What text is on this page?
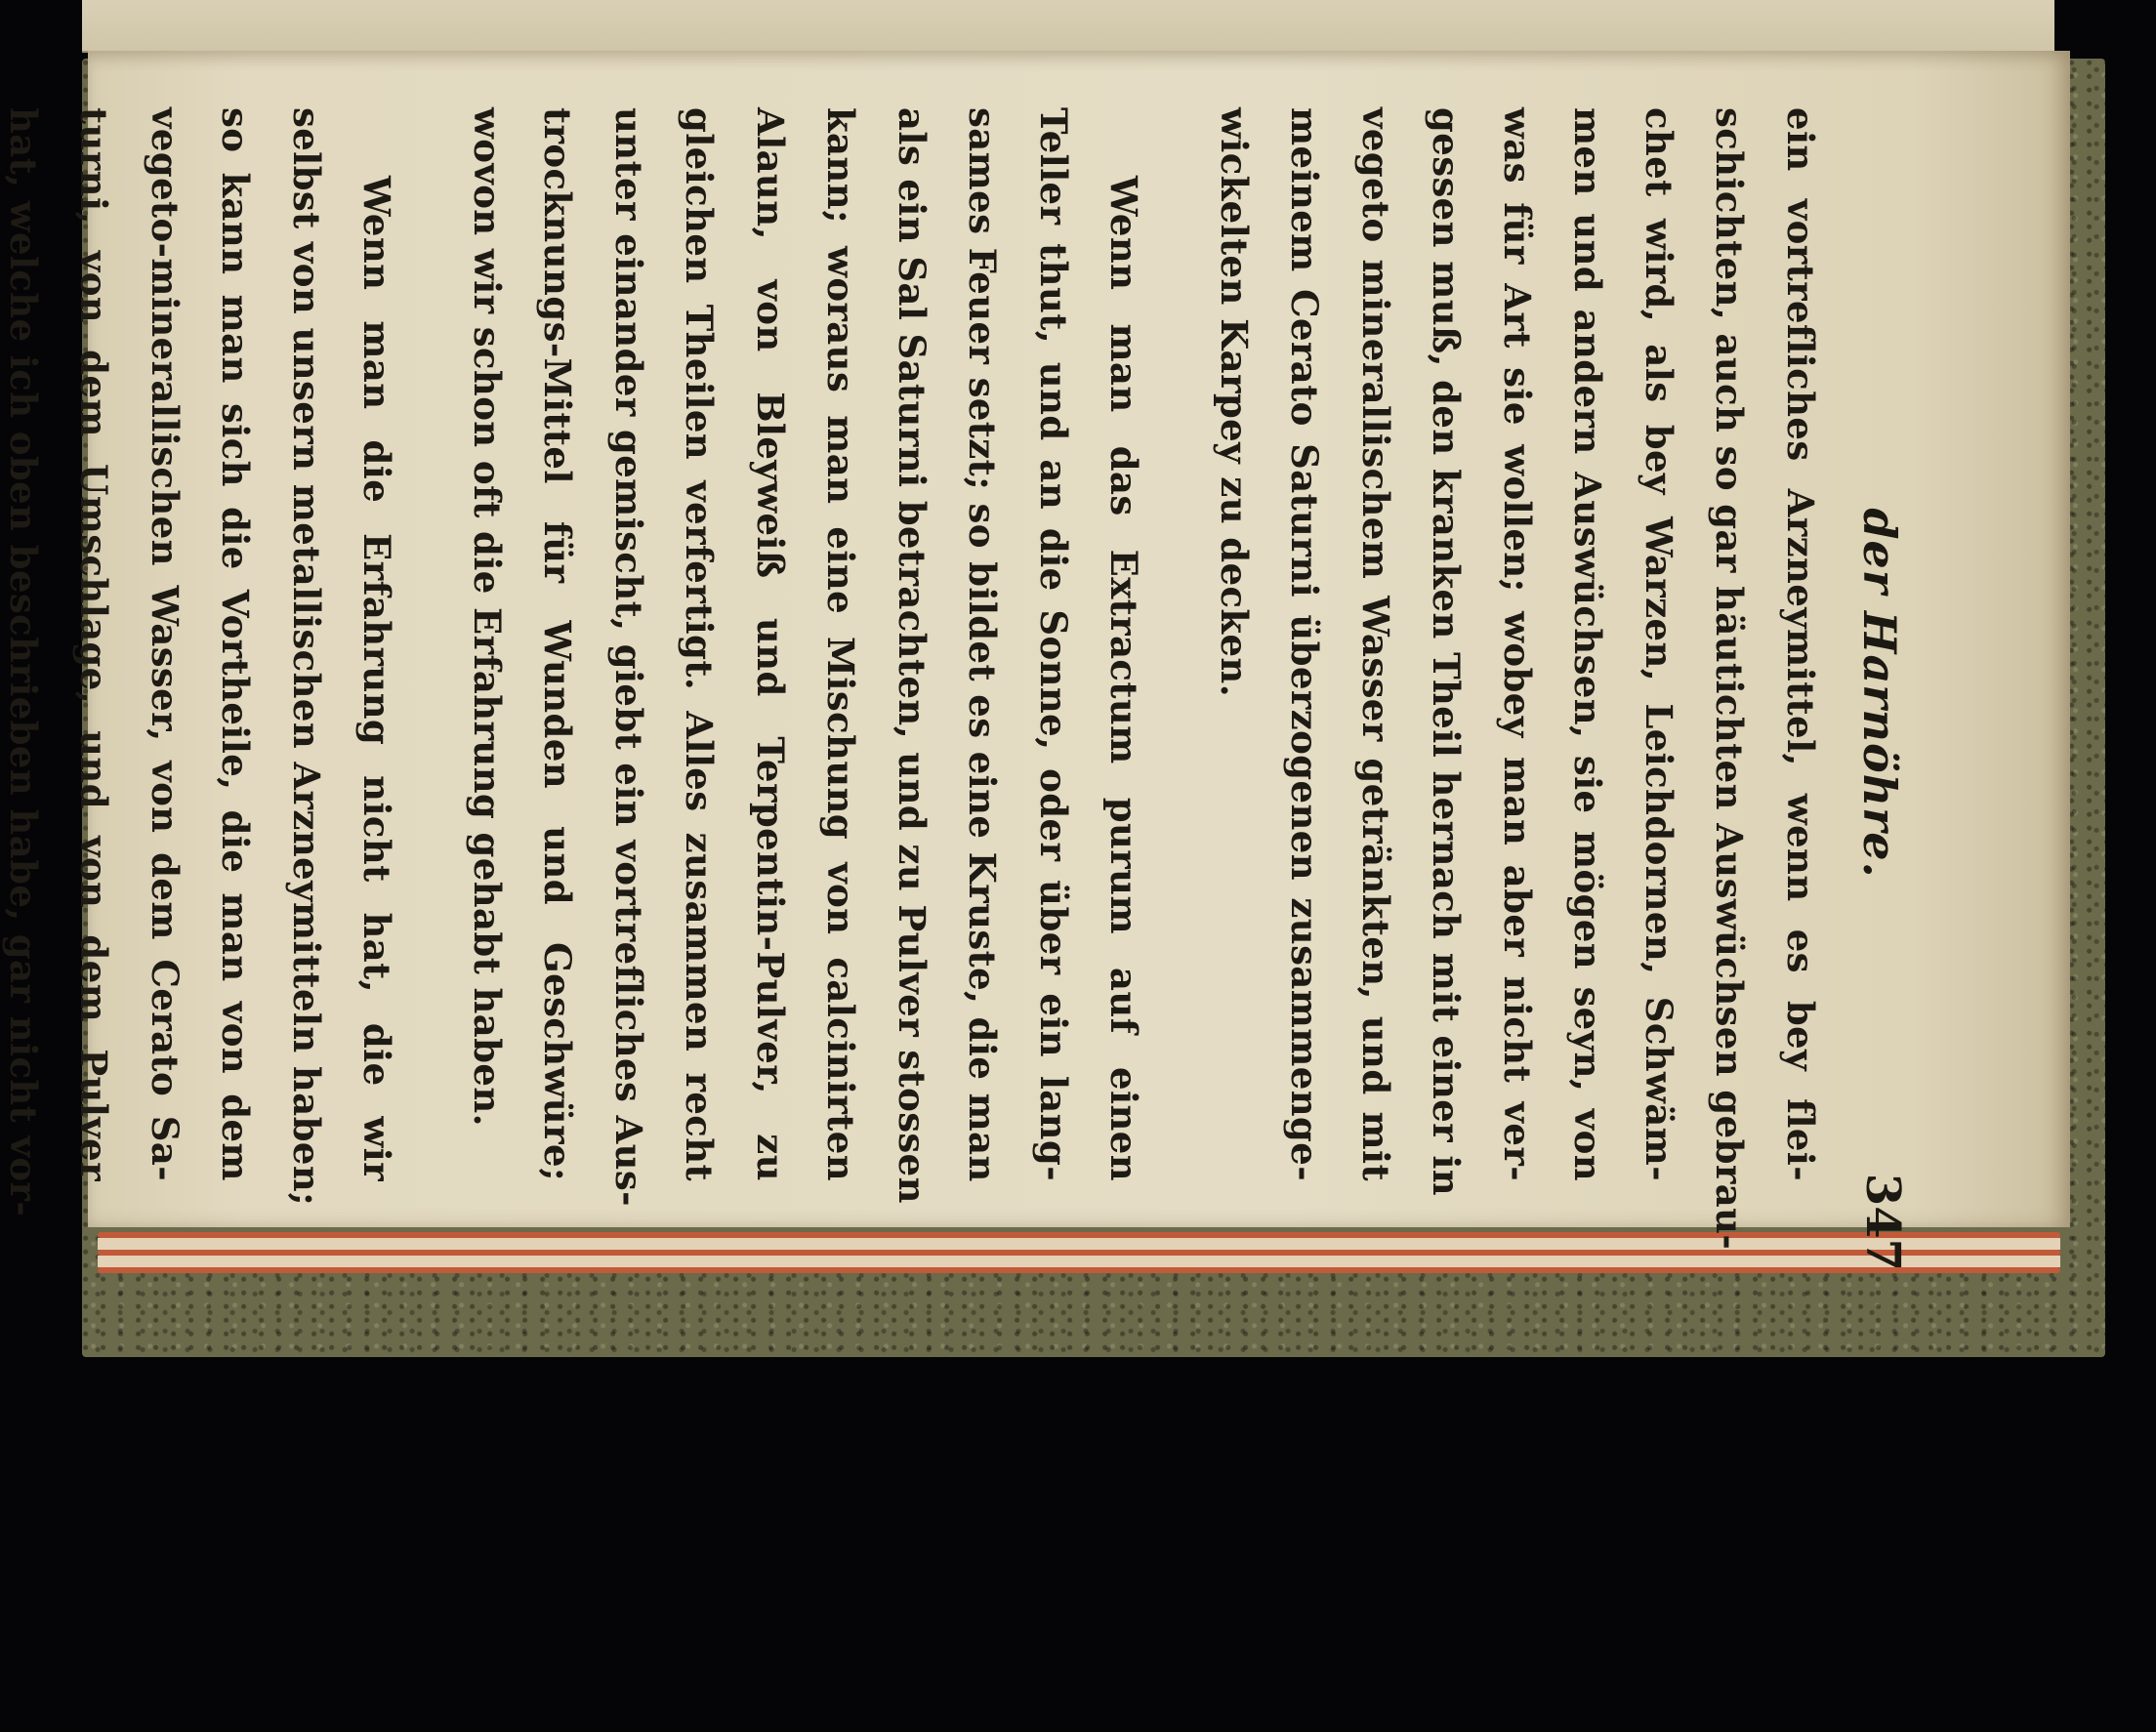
der Harnöhre.
347
ein vortrefliches Arzneymittel, wenn es bey flei-
schichten, auch so gar häutichten Auswüchsen gebrau-
chet wird, als bey Warzen, Leichdornen, Schwäm-
men und andern Auswüchsen, sie mögen seyn, von
was für Art sie wollen; wobey man aber nicht ver-
gessen muß, den kranken Theil hernach mit einer in
vegeto minerallischem Wasser getränkten, und mit
meinem Cerato Saturni überzogenen zusammenge-
wickelten Karpey zu decken.
Wenn man das Extractum purum auf einen
Teller thut, und an die Sonne, oder über ein lang-
sames Feuer setzt; so bildet es eine Kruste, die man
als ein Sal Saturni betrachten, und zu Pulver stossen
kann; woraus man eine Mischung von calcinirten
Alaun, von Bleyweiß und Terpentin-Pulver, zu
gleichen Theilen verfertigt. Alles zusammen recht
unter einander gemischt, giebt ein vortrefliches Aus-
trocknungs-Mittel für Wunden und Geschwüre;
wovon wir schon oft die Erfahrung gehabt haben.
Wenn man die Erfahrung nicht hat, die wir
selbst von unsern metallischen Arzneymitteln haben;
so kann man sich die Vortheile, die man von dem
vegeto-minerallischen Wasser, von dem Cerato Sa-
turni, von dem Umschlage, und von dem Pulver
hat, welche ich oben beschrieben habe, gar nicht vor-
